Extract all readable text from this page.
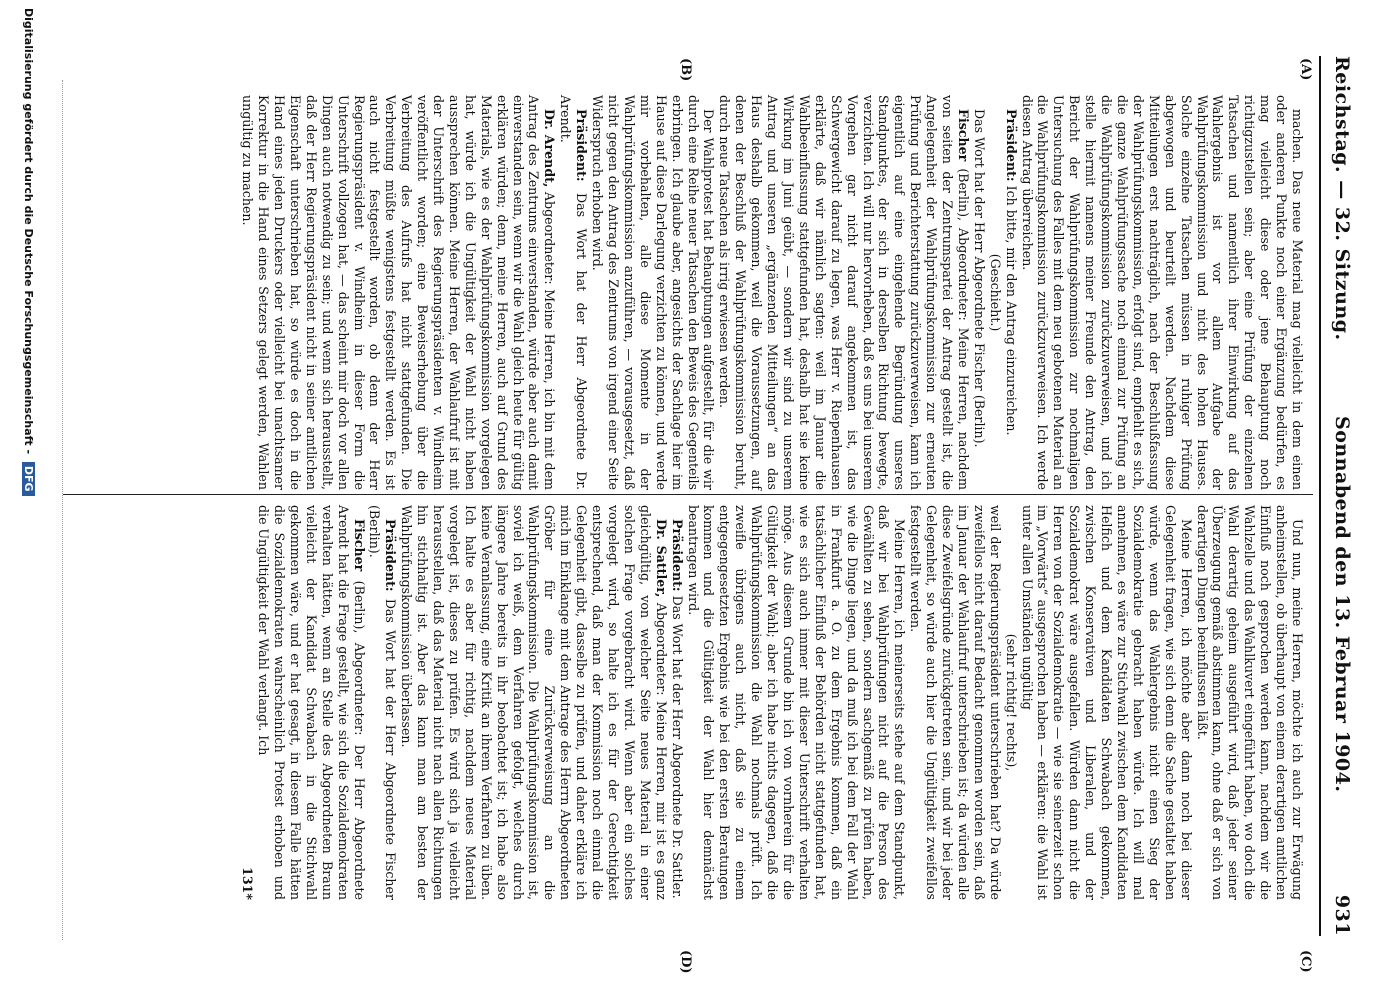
Reichstag. — 32. Sitzung.
Sonnabend den 13. Februar 1904.
931
(A)
(B)
(C)
(D)

machen. Das neue Material mag vielleicht in dem einen oder anderen Punkte noch einer Ergänzung bedürfen, es mag vielleicht diese oder jene Behauptung noch richtigzustellen sein; aber eine Prüfung der einzelnen Tatsachen und namentlich ihrer Einwirkung auf das Wahlergebnis ist vor allem Aufgabe der Wahlprüfungskommission und nicht des hohen Hauses. Solche einzelne Tatsachen müssen in ruhiger Prüfung abgewogen und beurteilt werden. Nachdem diese Mitteilungen erst nachträglich, nach der Beschlußfassung der Wahlprüfungskommission, erfolgt sind, empfiehlt es sich, die ganze Wahlprüfungssache noch einmal zur Prüfung an die Wahlprüfungskommission zurückzuverweisen, und ich stelle hiermit namens meiner Freunde den Antrag, den Bericht der Wahlprüfungskommission zur nochmaligen Untersuchung des Falles mit dem neu gebotenen Material an die Wahlprüfungskommission zurückzuverweisen. Ich werde diesen Antrag überreichen.

Präsident: Ich bitte, mir den Antrag einzureichen.

(Geschieht.)

Das Wort hat der Herr Abgeordnete Fischer (Berlin).

Fischer (Berlin), Abgeordneter: Meine Herren, nachdem von seiten der Zentrumspartei der Antrag gestellt ist, die Angelegenheit der Wahlprüfungskommission zur erneuten Prüfung und Berichterstattung zurückzuverweisen, kann ich eigentlich auf eine eingehende Begründung unseres Standpunktes, der sich in derselben Richtung bewegte, verzichten. Ich will nur hervorheben, daß es uns bei unserem Vorgehen gar nicht darauf angekommen ist, das Schwergewicht darauf zu legen, was Herr v. Riepenhausen erklärte, daß wir nämlich sagten: weil im Januar die Wahlbeeinflussung stattgefunden hat, deshalb hat sie keine Wirkung im Juni geübt, — sondern wir sind zu unserem Antrag und unseren „ergänzenden Mitteilungen“ an das Haus deshalb gekommen, weil die Voraussetzungen, auf denen der Beschluß der Wahlprüfungskommission beruht, durch neue Tatsachen als irrig erwiesen werden.

Der Wahlprotest hat Behauptungen aufgestellt, für die wir durch eine Reihe neuer Tatsachen den Beweis des Gegenteils erbringen. Ich glaube aber, angesichts der Sachlage hier im Hause auf diese Darlegung verzichten zu können, und werde mir vorbehalten, alle diese Momente in der Wahlprüfungskommission anzuführen, — vorausgesetzt, daß nicht gegen den Antrag des Zentrums von irgend einer Seite Widerspruch erhoben wird.

Präsident: Das Wort hat der Herr Abgeordnete Dr. Arendt.

Dr. Arendt, Abgeordneter: Meine Herren, ich bin mit dem Antrag des Zentrums einverstanden, würde aber auch damit einverstanden sein, wenn wir die Wahl gleich heute für gültig erklären würden; denn, meine Herren, auch auf Grund des Materials, wie es der Wahlprüfungskommission vorgelegen hat, würde ich die Ungültigkeit der Wahl nicht haben aussprechen können. Meine Herren, der Wahlaufruf ist mit der Unterschrift des Regierungspräsidenten v. Windheim veröffentlicht worden; eine Beweiserhebung über die Verbreitung des Aufrufs hat nicht stattgefunden. Die Verbreitung müßte wenigstens festgestellt werden. Es ist auch nicht festgestellt worden, ob denn der Herr Regierungspräsident v. Windheim in dieser Form die Unterschrift vollzogen hat, — das scheint mir doch vor allen Dingen auch notwendig zu sein; und wenn sich herausstellt, daß der Herr Regierungspräsident nicht in seiner amtlichen Eigenschaft unterschrieben hat, so würde es doch in die Hand eines jeden Druckers oder vielleicht bei unachtsamer Korrektur in die Hand eines Setzers gelegt werden, Wahlen ungültig zu machen.

Und nun, meine Herren, möchte ich auch zur Erwägung anheimstellen, ob überhaupt von einem derartigen amtlichen Einfluß noch gesprochen werden kann, nachdem wir die Wahlzelle und das Wahlkuvert eingeführt haben, wo doch die Wahl derartig geheim ausgeführt wird, daß jeder seiner Überzeugung gemäß abstimmen kann, ohne daß er sich von derartigen Dingen beeinflussen läßt.

Meine Herren, ich möchte aber dann noch bei dieser Gelegenheit fragen, wie sich denn die Sache gestaltet haben würde, wenn das Wahlergebnis nicht einen Sieg der Sozialdemokratie gebracht haben würde. Ich will mal annehmen, es wäre zur Stichwahl zwischen dem Kandidaten Helfich und dem Kandidaten Schwabach gekommen, zwischen Konservativen und Liberalen, und der Sozialdemokrat wäre ausgefallen. Würden dann nicht die Herren von der Sozialdemokratie — wie sie seinerzeit schon im „Vorwärts“ ausgesprochen haben — erklären: die Wahl ist unter allen Umständen ungültig

(sehr richtig! rechts),

weil der Regierungspräsident unterschrieben hat? Da würde zweifellos nicht darauf Bedacht genommen worden sein, daß im Januar der Wahlaufruf unterschrieben ist; da würden alle diese Zweifelsgründe zurückgetreten sein, und wir bei jeder Gelegenheit, so würde auch hier die Ungültigkeit zweifellos festgestellt werden.

Meine Herren, ich meinerseits stehe auf dem Standpunkt, daß wir bei Wahlprüfungen nicht auf die Person des Gewählten zu sehen, sondern sachgemäß zu prüfen haben, wie die Dinge liegen, und da muß ich bei dem Fall der Wahl in Frankfurt a. O. zu dem Ergebnis kommen, daß ein tatsächlicher Einfluß der Behörden nicht stattgefunden hat, wie es sich auch immer mit dieser Unterschrift verhalten möge. Aus diesem Grunde bin ich von vornherein für die Gültigkeit der Wahl; aber ich habe nichts dagegen, daß die Wahlprüfungskommission die Wahl nochmals prüft. Ich zweifle übrigens auch nicht, daß sie zu einem entgegengesetzten Ergebnis wie bei den ersten Beratungen kommen und die Gültigkeit der Wahl hier demnächst beantragen wird.

Präsident: Das Wort hat der Herr Abgeordnete Dr. Sattler.

Dr. Sattler, Abgeordneter: Meine Herren, mir ist es ganz gleichgültig, von welcher Seite neues Material in einer solchen Frage vorgebracht wird. Wenn aber ein solches vorgelegt wird, so halte ich es für der Gerechtigkeit entsprechend, daß man der Kommission noch einmal die Gelegenheit gibt, dasselbe zu prüfen, und daher erkläre ich mich im Einklange mit dem Antrage des Herrn Abgeordneten Gröber für eine Zurückverweisung an die Wahlprüfungskommission. Die Wahlprüfungskommission ist, soviel ich weiß, dem Verfahren gefolgt, welches durch längere Jahre bereits in ihr beobachtet ist; ich habe also keine Veranlassung, eine Kritik an ihrem Verfahren zu üben. Ich halte es aber für richtig, nachdem neues Material vorgelegt ist, dieses zu prüfen. Es wird sich ja vielleicht herausstellen, daß das Material nicht nach allen Richtungen hin stichhaltig ist. Aber das kann man am besten der Wahlprüfungskommission überlassen.

Präsident: Das Wort hat der Herr Abgeordnete Fischer (Berlin).

Fischer (Berlin), Abgeordneter: Der Herr Abgeordnete Arendt hat die Frage gestellt, wie sich die Sozialdemokraten verhalten hätten, wenn an Stelle des Abgeordneten Braun vielleicht der Kandidat Schwabach in die Stichwahl gekommen wäre, und er hat gesagt, in diesem Falle hätten die Sozialdemokraten wahrscheinlich Protest erhoben und die Ungültigkeit der Wahl verlangt. Ich

131*

Digitalisierung gefördert durch die Deutsche Forschungsgemeinschaft - DFG
